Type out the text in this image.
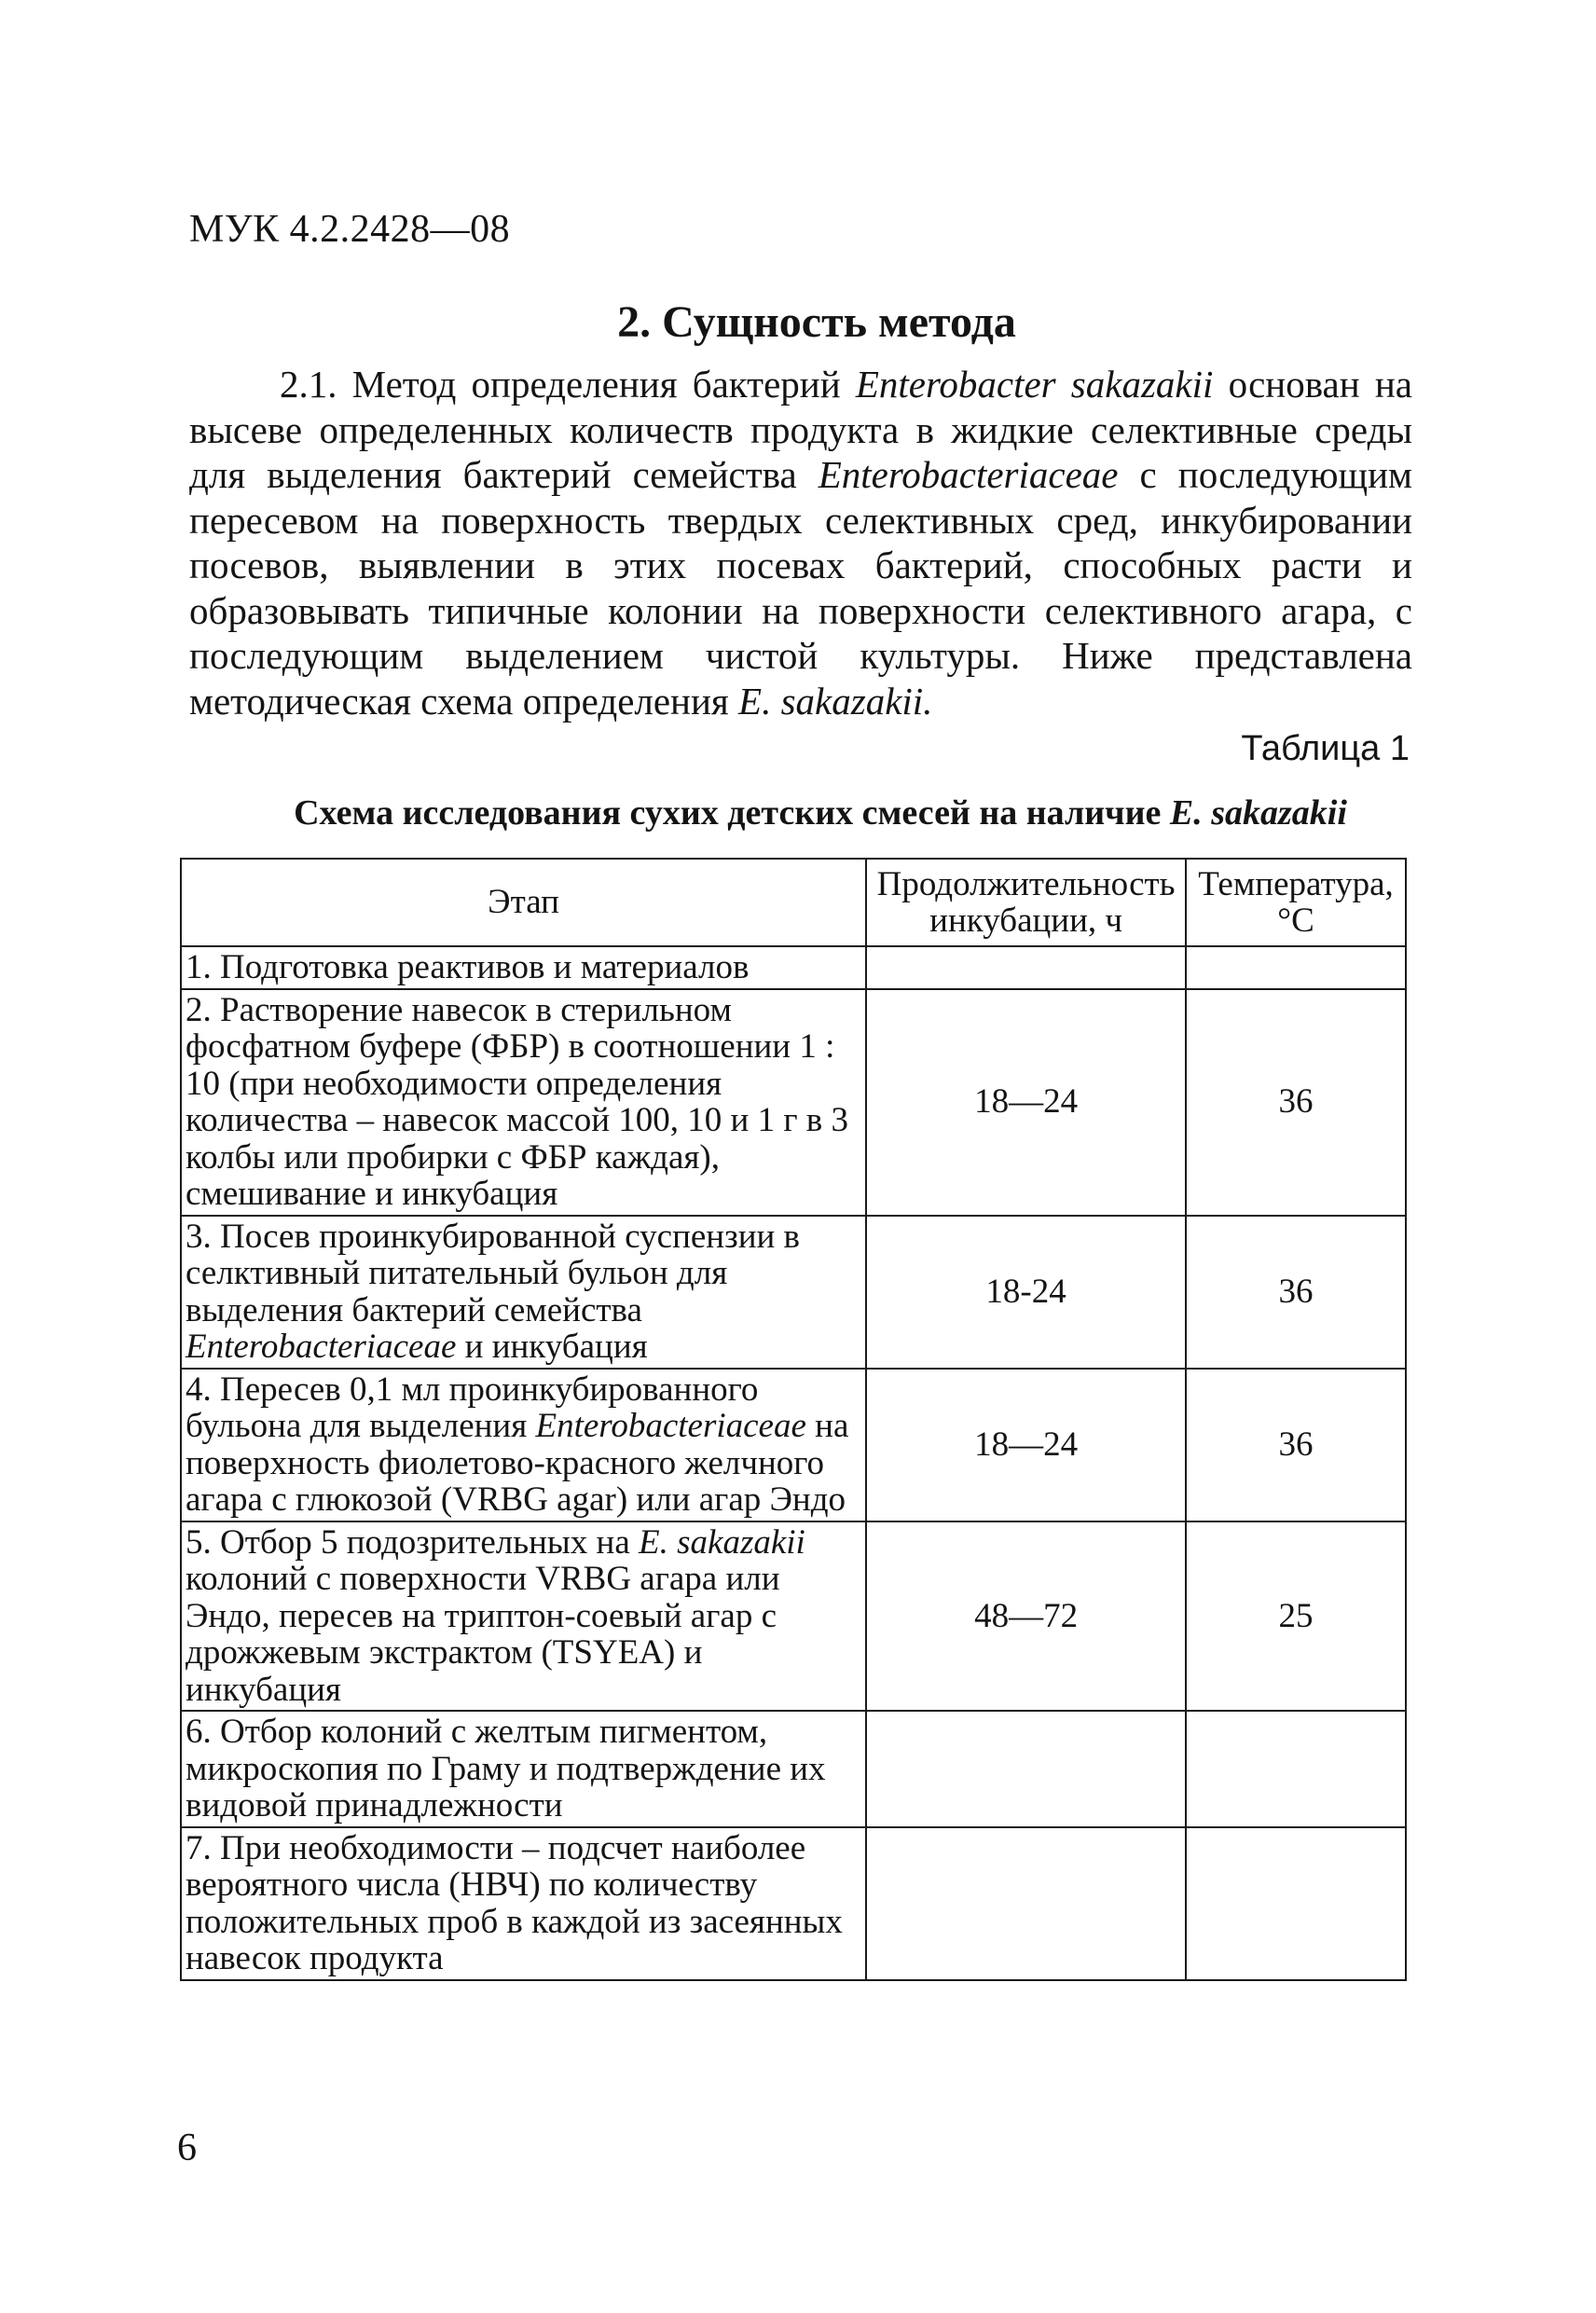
МУК 4.2.2428—08
2. Сущность метода

2.1. Метод определения бактерий Enterobacter sakazakii основан на высеве определенных количеств продукта в жидкие селективные среды для выделения бактерий семейства Enterobacteriaceae с последующим пересевом на поверхность твердых селективных сред, инкубировании посевов, выявлении в этих посевах бактерий, способных расти и образовывать типичные колонии на поверхности селективного агара, с последующим выделением чистой культуры. Ниже представлена методическая схема определения E. sakazakii.

Таблица 1
Схема исследования сухих детских смесей на наличие E. sakazakii
Этап	Продолжительность инкубации, ч	Температура, °С
1. Подготовка реактивов и материалов		
2. Растворение навесок в стерильном фосфатном буфере (ФБР) в соотношении 1 : 10 (при необходимости определения количества – навесок массой 100, 10 и 1 г в 3 колбы или пробирки с ФБР каждая), смешивание и инкубация	18—24	36
3. Посев проинкубированной суспензии в селктивный питательный бульон для выделения бактерий семейства Enterobacteriaceae и инкубация	18-24	36
4. Пересев 0,1 мл проинкубированного бульона для выделения Enterobacteriaceae на поверхность фиолетово-красного желчного агара с глюкозой (VRBG agar) или агар Эндо	18—24	36
5. Отбор 5 подозрительных на E. sakazakii колоний с поверхности VRBG агара или Эндо, пересев на триптон-соевый агар с дрожжевым экстрактом (TSYEA) и инкубация	48—72	25
6. Отбор колоний с желтым пигментом, микроскопия по Граму и подтверждение их видовой принадлежности		
7. При необходимости – подсчет наиболее вероятного числа (НВЧ) по количеству положительных проб в каждой из засеянных навесок продукта		
6
